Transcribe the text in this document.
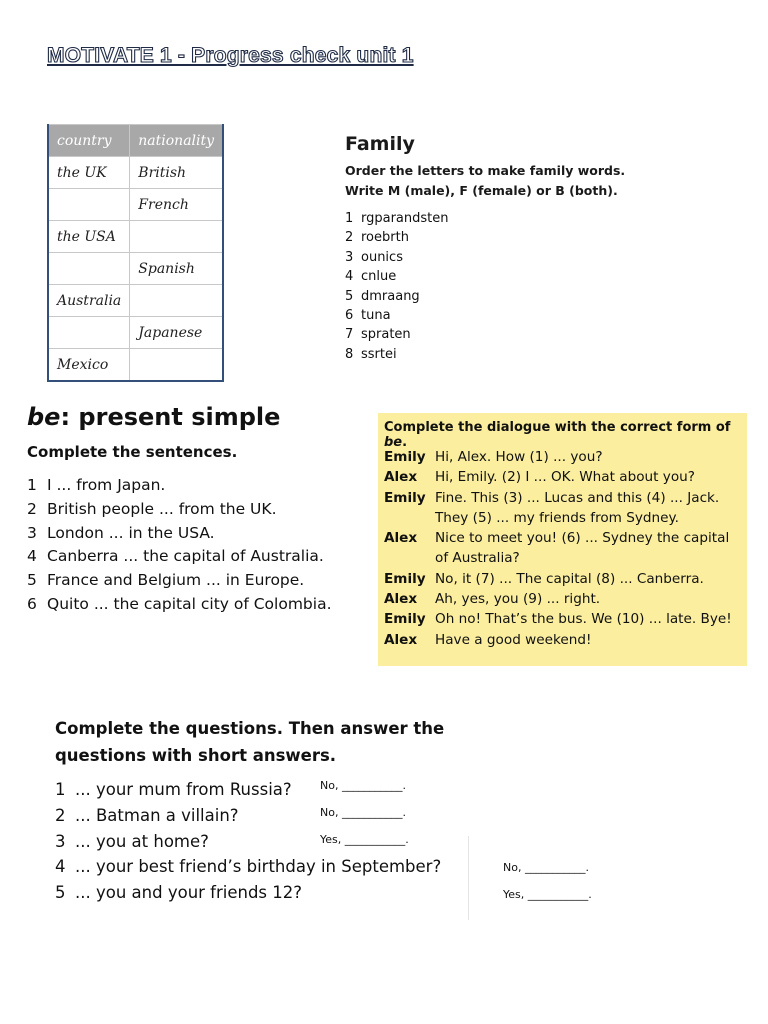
MOTIVATE 1 - Progress check unit 1
country	nationality
the UK	British
	French
the USA	
	Spanish
Australia	
	Japanese
Mexico	
Family
Order the letters to make family words.
Write M (male), F (female) or B (both).
1 rgparandsten
2 roebrth
3 ounics
4 cnlue
5 dmraang
6 tuna
7 spraten
8 ssrtei
be: present simple
Complete the sentences.
1 I ... from Japan.
2 British people ... from the UK.
3 London ... in the USA.
4 Canberra ... the capital of Australia.
5 France and Belgium ... in Europe.
6 Quito ... the capital city of Colombia.
Complete the dialogue with the correct form of be.
Emily Hi, Alex. How (1) ... you?
Alex	Hi, Emily. (2) I ... OK. What about you?
Emily Fine. This (3) ... Lucas and this (4) ... Jack. They (5) ... my friends from Sydney.
Alex	Nice to meet you! (6) ... Sydney the capital of Australia?
Emily No, it (7) ... The capital (8) ... Canberra.
Alex	Ah, yes, you (9) ... right.
Emily Oh no! That’s the bus. We (10) ... late. Bye!
Alex	Have a good weekend!
Complete the questions. Then answer the questions with short answers.
1 ... your mum from Russia?
2 ... Batman a villain?
3 ... you at home?
4 ... your best friend’s birthday in September?
5 ... you and your friends 12?
No, ___________.
No, ___________.
Yes, ___________.
No, ___________.
Yes, ___________.
